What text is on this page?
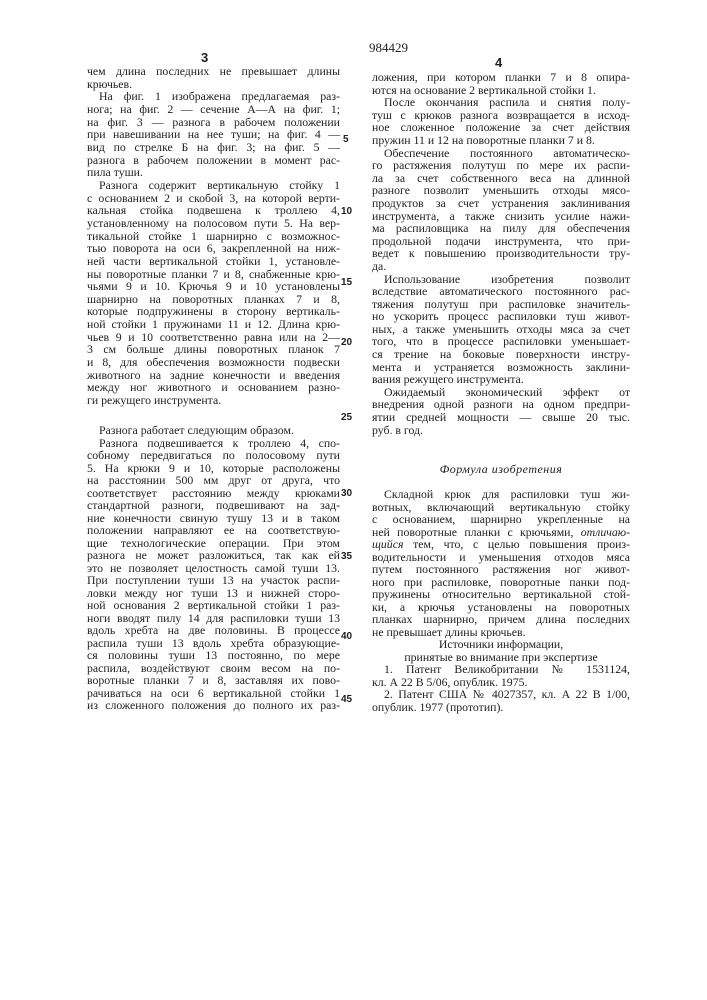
984429
3	4
чем длина последних не превышает длины
крючьев.
На фиг. 1 изображена предлагаемая раз-
нога; на фиг. 2 — сечение А—А на фиг. 1;
на фиг. 3 — разнога в рабочем положении
при навешивании на нее туши; на фиг. 4 —
вид по стрелке Б на фиг. 3; на фиг. 5 —
разнога в рабочем положении в момент рас-
пила туши.
Разнога содержит вертикальную стойку 1
с основанием 2 и скобой 3, на которой верти-
кальная стойка подвешена к троллею 4,
установленному на полосовом пути 5. На вер-
тикальной стойке 1 шарнирно с возможнос-
тью поворота на оси 6, закрепленной на ниж-
ней части вертикальной стойки 1, установле-
ны поворотные планки 7 и 8, снабженные крю-
чьями 9 и 10. Крючья 9 и 10 установлены
шарнирно на поворотных планках 7 и 8,
которые подпружинены в сторону вертикаль-
ной стойки 1 пружинами 11 и 12. Длина крю-
чьев 9 и 10 соответственно равна или на 2—
3 см больше длины поворотных планок 7
и 8, для обеспечения возможности подвески
животного на задние конечности и введения
между ног животного и основанием разно-
ги режущего инструмента.
Разнога работает следующим образом.
Разнога подвешивается к троллею 4, спо-
собному передвигаться по полосовому пути
5. На крюки 9 и 10, которые расположены
на расстоянии 500 мм друг от друга, что
соответствует расстоянию между крюками
стандартной разноги, подвешивают на зад-
ние конечности свиную тушу 13 и в таком
положении направляют ее на соответствую-
щие технологические операции. При этом
разнога не может разложиться, так как ей
это не позволяет целостность самой туши 13.
При поступлении туши 13 на участок распи-
ловки между ног туши 13 и нижней сторо-
ной основания 2 вертикальной стойки 1 раз-
ноги вводят пилу 14 для распиловки туши 13
вдоль хребта на две половины. В процессе
распила туши 13 вдоль хребта образующие-
ся половины туши 13 постоянно, по мере
распила, воздействуют своим весом на по-
воротные планки 7 и 8, заставляя их пово-
рачиваться на оси 6 вертикальной стойки 1
из сложенного положения до полного их раз-
ложения, при котором планки 7 и 8 опира-
ются на основание 2 вертикальной стойки 1.
После окончания распила и снятия полу-
туш с крюков разнога возвращается в исход-
ное сложенное положение за счет действия
пружин 11 и 12 на поворотные планки 7 и 8.
Обеспечение постоянного автоматическо-
го растяжения полутуш по мере их распи-
ла за счет собственного веса на длинной
разноге позволит уменьшить отходы мясо-
продуктов за счет устранения заклинивания
инструмента, а также снизить усилие нажи-
ма распиловщика на пилу для обеспечения
продольной подачи инструмента, что при-
ведет к повышению производительности тру-
да.
Использование изобретения позволит
вследствие автоматического постоянного рас-
тяжения полутуш при распиловке значитель-
но ускорить процесс распиловки туш живот-
ных, а также уменьшить отходы мяса за счет
того, что в процессе распиловки уменьшает-
ся трение на боковые поверхности инстру-
мента и устраняется возможность заклини-
вания режущего инструмента.
Ожидаемый экономический эффект от
внедрения одной разноги на одном предпри-
ятии средней мощности — свыше 20 тыс.
руб. в год.
Формула изобретения
Складной крюк для распиловки туш жи-
вотных, включающий вертикальную стойку
с основанием, шарнирно укрепленные на
ней поворотные планки с крючьями, отличаю-
щийся тем, что, с целью повышения произ-
водительности и уменьшения отходов мяса
путем постоянного растяжения ног живот-
ного при распиловке, поворотные панки под-
пружинены относительно вертикальной стой-
ки, а крючья установлены на поворотных
планках шарнирно, причем длина последних
не превышает длины крючьев.
Источники информации,
принятые во внимание при экспертизе
1. Патент Великобритании № 1531124,
кл. А 22 В 5/06, опублик. 1975.
2. Патент США № 4027357, кл. А 22 В 1/00,
опублик. 1977 (прототип).
5
10
15
20
25
30
35
40
45
